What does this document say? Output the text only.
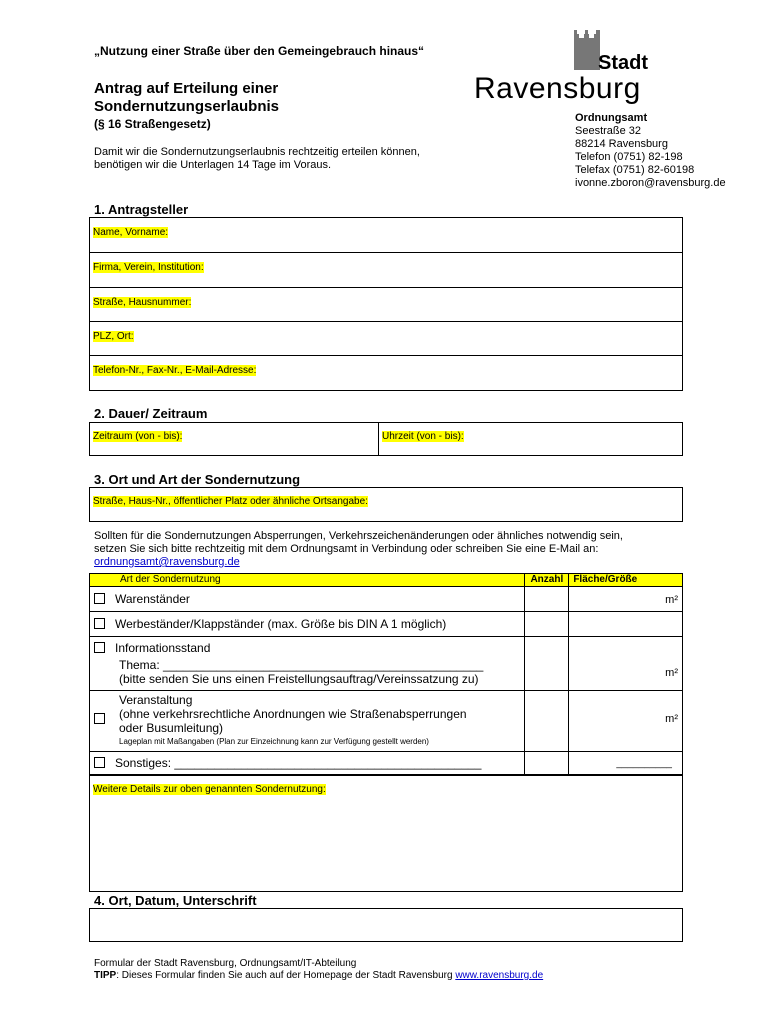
„Nutzung einer Straße über den Gemeingebrauch hinaus“
Antrag auf Erteilung einer
Sondernutzungserlaubnis
(§ 16 Straßengesetz)
Damit wir die Sondernutzungserlaubnis rechtzeitig erteilen können,
benötigen wir die Unterlagen 14 Tage im Voraus.
Stadt
Ravensburg
Ordnungsamt
Seestraße 32
88214 Ravensburg
Telefon (0751) 82-198
Telefax (0751) 82-60198
ivonne.zboron@ravensburg.de
1. Antragsteller
Name, Vorname:
Firma, Verein, Institution:
Straße, Hausnummer:
PLZ, Ort:
Telefon-Nr., Fax-Nr., E-Mail-Adresse:
2. Dauer/ Zeitraum
Zeitraum (von - bis):	Uhrzeit (von - bis):
3. Ort und Art der Sondernutzung
Straße, Haus-Nr., öffentlicher Platz oder ähnliche Ortsangabe:
Sollten für die Sondernutzungen Absperrungen, Verkehrszeichenänderungen oder ähnliches notwendig sein,
setzen Sie sich bitte rechtzeitig mit dem Ordnungsamt in Verbindung oder schreiben Sie eine E-Mail an:
ordnungsamt@ravensburg.de
Art der Sondernutzung	Anzahl	Fläche/Größe
Warenständer		m²
Werbeständer/Klappständer (max. Größe bis DIN A 1 möglich)		

Informationsstand
Thema: ________________________________________________
(bitte senden Sie uns einen Freistellungsauftrag/Vereinssatzung zu)		m²

Veranstaltung
(ohne verkehrsrechtliche Anordnungen wie Straßenabsperrungen
oder Busumleitung)
Lageplan mit Maßangaben (Plan zur Einzeichnung kann zur Verfügung gestellt werden)		m²
Sonstiges: ______________________________________________		__________
Weitere Details zur oben genannten Sondernutzung:
4. Ort, Datum, Unterschrift
Formular der Stadt Ravensburg, Ordnungsamt/IT-Abteilung
TIPP: Dieses Formular finden Sie auch auf der Homepage der Stadt Ravensburg www.ravensburg.de
